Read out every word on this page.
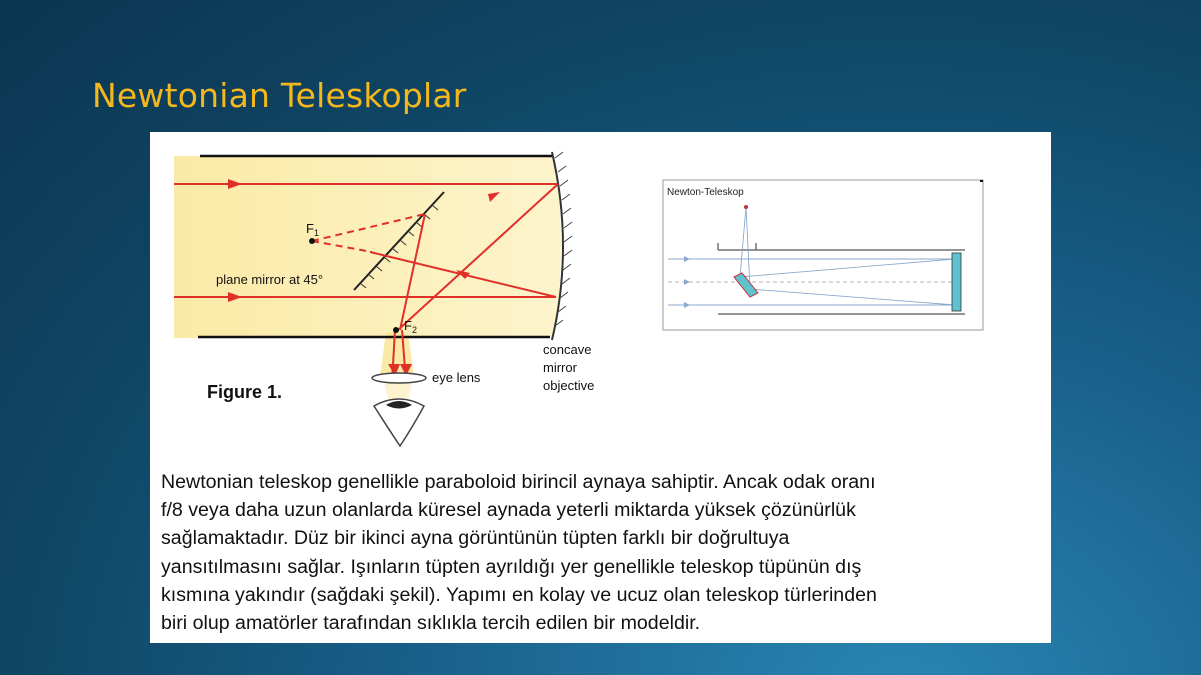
Newtonian Teleskoplar
$F_1$
$F_2$
plane mirror at 45°
eye lens
concave
mirror
objective
Figure 1.
Newton-Teleskop

Newtonian teleskop genellikle paraboloid birincil aynaya sahiptir. Ancak odak oranı
f/8 veya daha uzun olanlarda küresel aynada yeterli miktarda yüksek çözünürlük
sağlamaktadır. Düz bir ikinci ayna görüntünün tüpten farklı bir doğrultuya
yansıtılmasını sağlar. Işınların tüpten ayrıldığı yer genellikle teleskop tüpünün dış
kısmına yakındır (sağdaki şekil). Yapımı en kolay ve ucuz olan teleskop türlerinden
biri olup amatörler tarafından sıklıkla tercih edilen bir modeldir.
